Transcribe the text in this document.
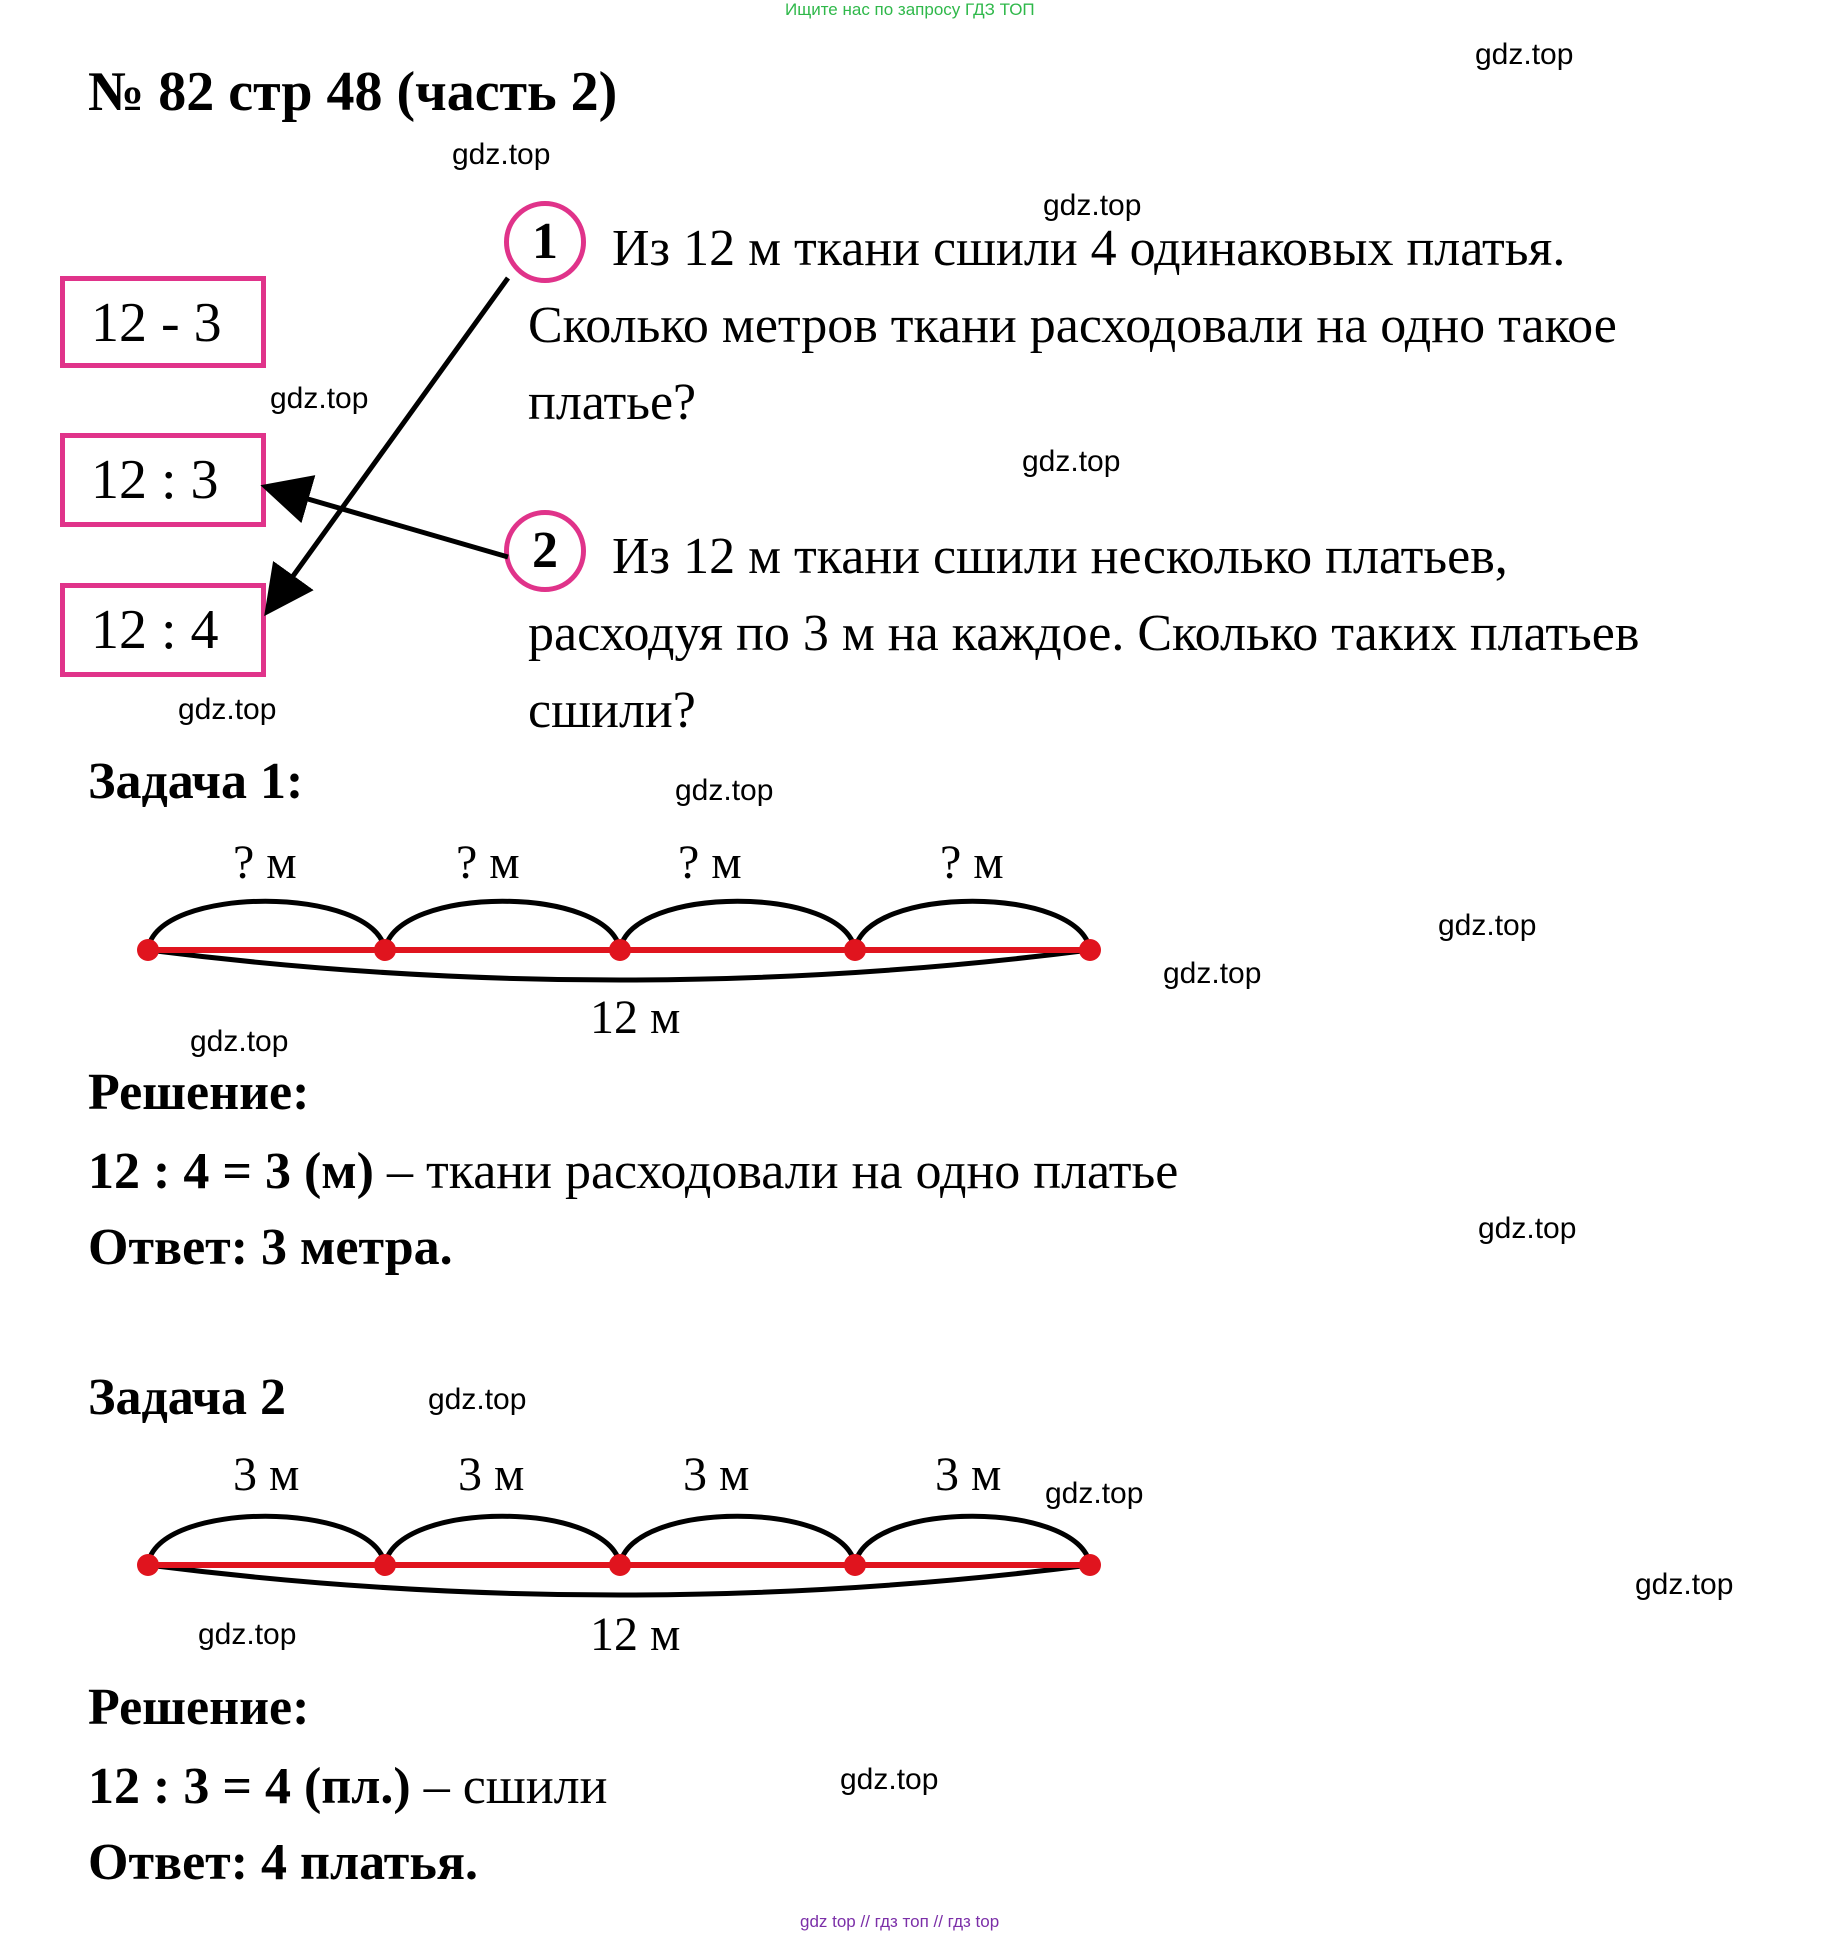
Ищите нас по запросу ГДЗ ТОП
gdz top // гдз топ // гдз top
№ 82 стр 48 (часть 2)
12 - 3
12 : 3
12 : 4
1
2
Из 12 м ткани сшили 4 одинаковых платья.
Сколько метров ткани расходовали на одно такое
платье?
Из 12 м ткани сшили несколько платьев,
расходуя по 3 м на каждое. Сколько таких платьев
сшили?
Задача 1:
? м	? м	? м	? м
12 м
Решение:
12 : 4 = 3 (м) – ткани расходовали на одно платье
Ответ: 3 метра.
Задача 2
3 м	3 м	3 м	3 м
12 м
Решение:
12 : 3 = 4 (пл.) – сшили
Ответ: 4 платья.
gdz.top
gdz.top
gdz.top
gdz.top
gdz.top
gdz.top
gdz.top
gdz.top
gdz.top
gdz.top
gdz.top
gdz.top
gdz.top
gdz.top
gdz.top
gdz.top
